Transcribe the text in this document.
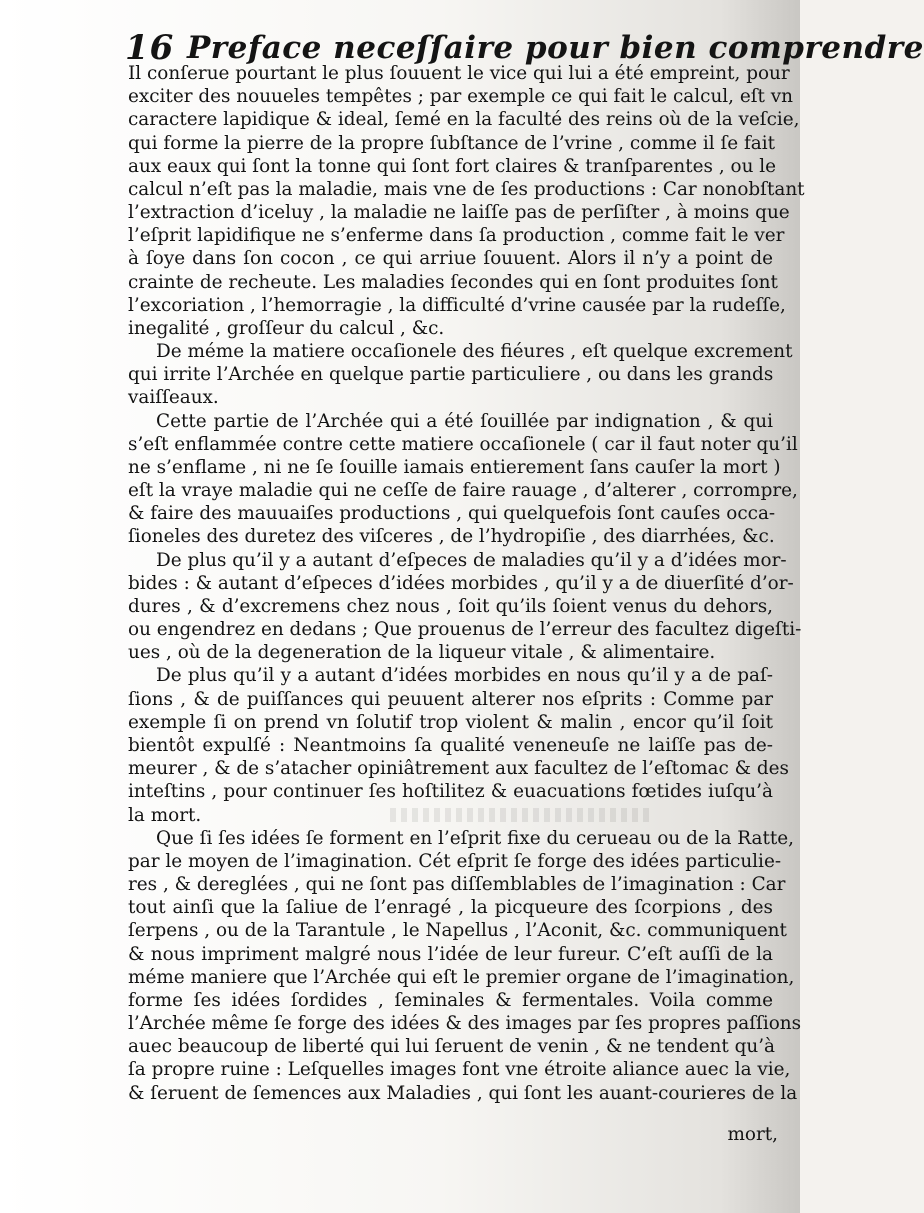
16 Preface neceſſaire pour bien comprendre
Il conſerue pourtant le plus ſouuent le vice qui lui a été empreint, pour
exciter des nouueles tempêtes ; par exemple ce qui fait le calcul, eſt vn
caractere lapidique & ideal, ſemé en la faculté des reins où de la veſcie,
qui forme la pierre de la propre ſubſtance de l’vrine , comme il ſe fait
aux eaux qui ſont la tonne qui ſont fort claires & tranſparentes , ou le
calcul n’eſt pas la maladie, mais vne de ſes productions : Car nonobſtant
l’extraction d’iceluy , la maladie ne laiſſe pas de perſiſter , à moins que
l’eſprit lapidifique ne s’enferme dans ſa production , comme fait le ver
à ſoye dans ſon cocon , ce qui arriue ſouuent. Alors il n’y a point de
crainte de recheute. Les maladies ſecondes qui en ſont produites ſont
l’excoriation , l’hemorragie , la difficulté d’vrine causée par la rudeſſe,
inegalité , groſſeur du calcul , &c.
De méme la matiere occaſionele des fiéures , eſt quelque excrement
qui irrite l’Archée en quelque partie particuliere , ou dans les grands
vaiſſeaux.
Cette partie de l’Archée qui a été ſouillée par indignation , & qui
s’eſt enflammée contre cette matiere occaſionele ( car il faut noter qu’il
ne s’enflame , ni ne ſe ſouille iamais entierement ſans cauſer la mort )
eſt la vraye maladie qui ne ceſſe de faire rauage , d’alterer , corrompre,
& faire des mauuaiſes productions , qui quelquefois ſont cauſes occa-
ſioneles des duretez des viſceres , de l’hydropiſie , des diarrhées, &c.
De plus qu’il y a autant d’eſpeces de maladies qu’il y a d’idées mor-
bides : & autant d’eſpeces d’idées morbides , qu’il y a de diuerſité d’or-
dures , & d’excremens chez nous , ſoit qu’ils ſoient venus du dehors,
ou engendrez en dedans ; Que prouenus de l’erreur des facultez digeſti-
ues , où de la degeneration de la liqueur vitale , & alimentaire.
De plus qu’il y a autant d’idées morbides en nous qu’il y a de paſ-
ſions , & de puiſſances qui peuuent alterer nos eſprits : Comme par
exemple ſi on prend vn ſolutif trop violent & malin , encor qu’il ſoit
bientôt expulſé : Neantmoins ſa qualité veneneuſe ne laiſſe pas de-
meurer , & de s’atacher opiniâtrement aux facultez de l’eſtomac & des
inteſtins , pour continuer ſes hoſtilitez & euacuations fœtides iuſqu’à
la mort.
Que ſi ſes idées ſe forment en l’eſprit fixe du cerueau ou de la Ratte,
par le moyen de l’imagination. Cét eſprit ſe forge des idées particulie-
res , & dereglées , qui ne ſont pas diſſemblables de l’imagination : Car
tout ainſi que la ſaliue de l’enragé , la picqueure des ſcorpions , des
ſerpens , ou de la Tarantule , le Napellus , l’Aconit, &c. communiquent
& nous impriment malgré nous l’idée de leur fureur. C’eſt auſſi de la
méme maniere que l’Archée qui eſt le premier organe de l’imagination,
forme ſes idées ſordides , ſeminales & fermentales. Voila comme
l’Archée même ſe forge des idées & des images par ſes propres paſſions
auec beaucoup de liberté qui lui ſeruent de venin , & ne tendent qu’à
ſa propre ruine : Leſquelles images font vne étroite aliance auec la vie,
& ſeruent de ſemences aux Maladies , qui ſont les auant-courieres de la
mort,
